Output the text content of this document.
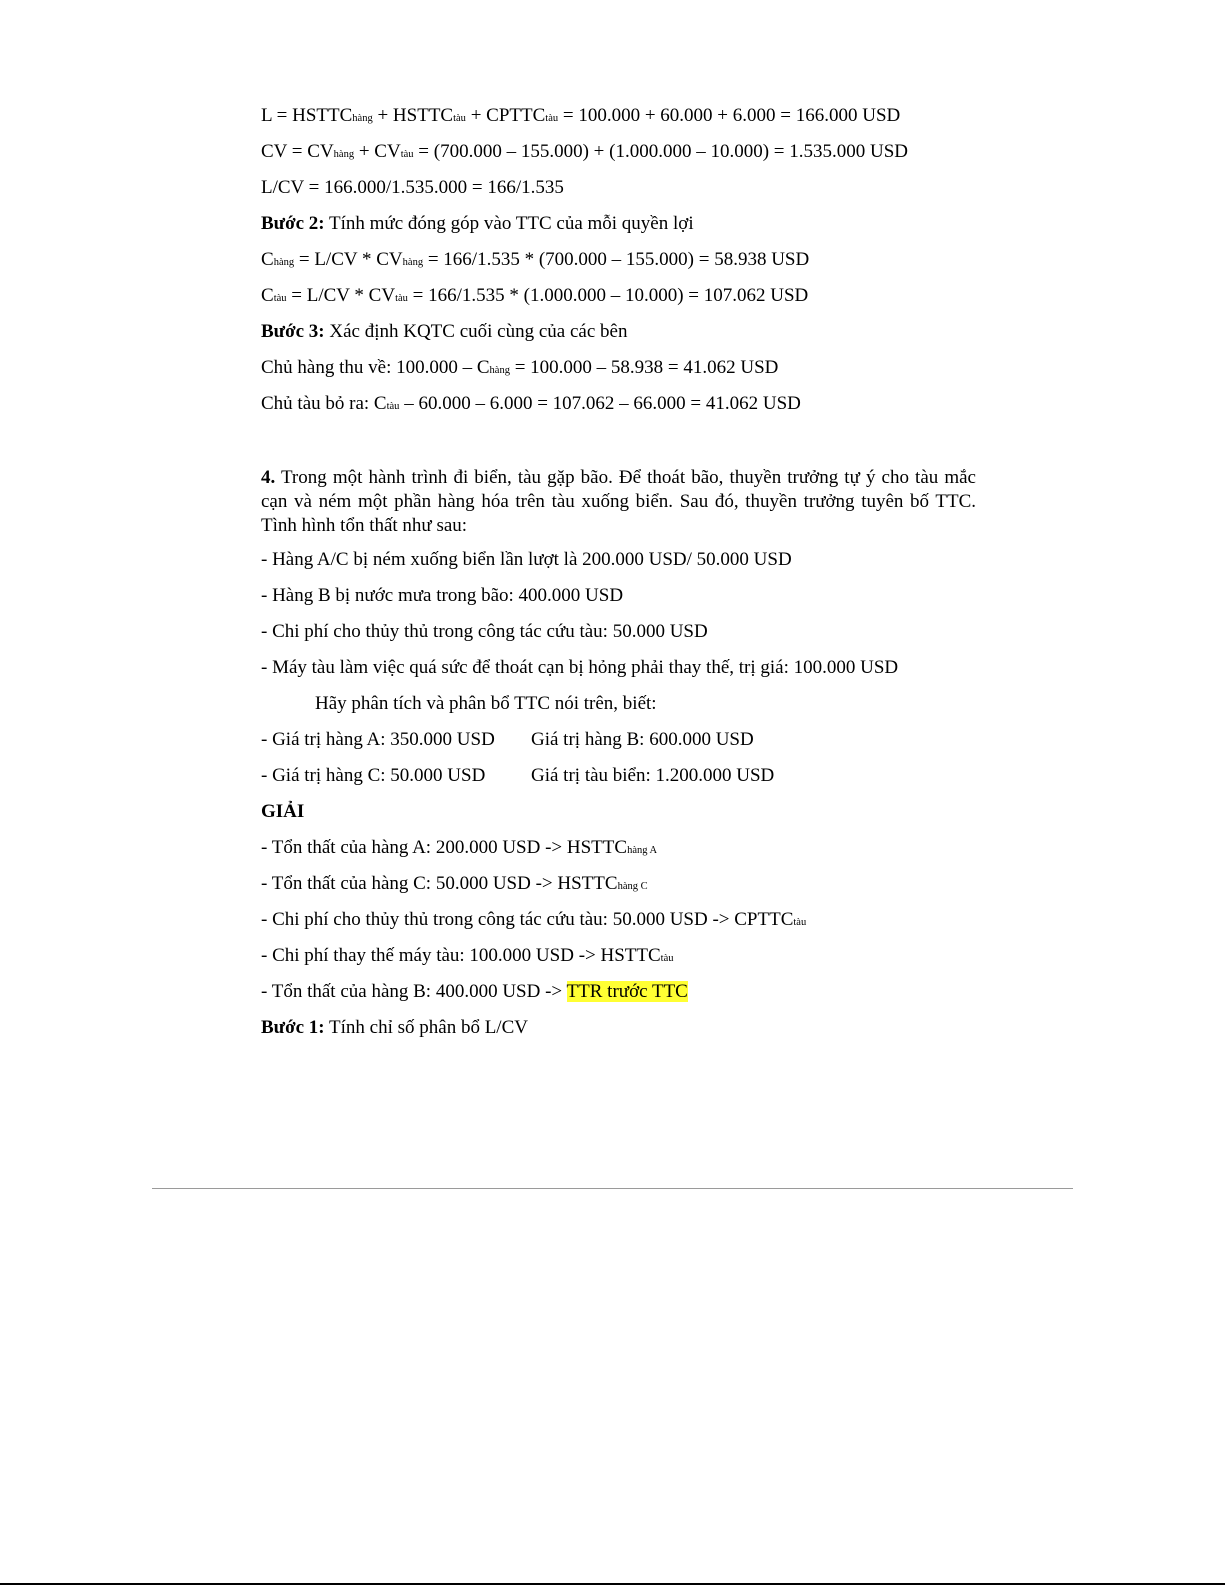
L = HSTTChàng + HSTTCtàu + CPTTCtàu = 100.000 + 60.000 + 6.000 = 166.000 USD
CV = CVhàng + CVtàu = (700.000 – 155.000) + (1.000.000 – 10.000) = 1.535.000 USD
L/CV = 166.000/1.535.000 = 166/1.535
Bước 2: Tính mức đóng góp vào TTC của mỗi quyền lợi
Chàng = L/CV * CVhàng = 166/1.535 * (700.000 – 155.000) = 58.938 USD
Ctàu = L/CV * CVtàu = 166/1.535 * (1.000.000 – 10.000) = 107.062 USD
Bước 3: Xác định KQTC cuối cùng của các bên
Chủ hàng thu về: 100.000 – Chàng = 100.000 – 58.938 = 41.062 USD
Chủ tàu bỏ ra: Ctàu – 60.000 – 6.000 = 107.062 – 66.000 = 41.062 USD
4. Trong một hành trình đi biển, tàu gặp bão. Để thoát bão, thuyền trưởng tự ý cho tàu mắc cạn và ném một phần hàng hóa trên tàu xuống biển. Sau đó, thuyền trưởng tuyên bố TTC. Tình hình tổn thất như sau:
- Hàng A/C bị ném xuống biển lần lượt là 200.000 USD/ 50.000 USD
- Hàng B bị nước mưa trong bão: 400.000 USD
- Chi phí cho thủy thủ trong công tác cứu tàu: 50.000 USD
- Máy tàu làm việc quá sức để thoát cạn bị hỏng phải thay thế, trị giá: 100.000 USD
Hãy phân tích và phân bổ TTC nói trên, biết:
- Giá trị hàng A: 350.000 USD Giá trị hàng B: 600.000 USD
- Giá trị hàng C: 50.000 USD Giá trị tàu biển: 1.200.000 USD
GIẢI
- Tổn thất của hàng A: 200.000 USD -> HSTTChàng A
- Tổn thất của hàng C: 50.000 USD -> HSTTChàng C
- Chi phí cho thủy thủ trong công tác cứu tàu: 50.000 USD -> CPTTCtàu
- Chi phí thay thế máy tàu: 100.000 USD -> HSTTCtàu
- Tổn thất của hàng B: 400.000 USD -> TTR trước TTC
Bước 1: Tính chỉ số phân bổ L/CV
